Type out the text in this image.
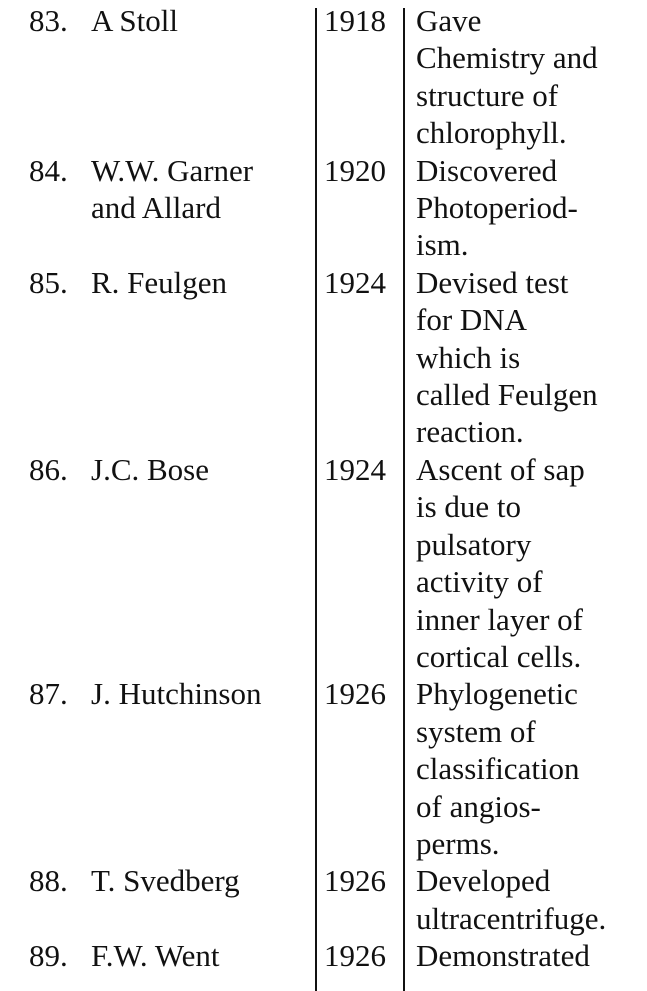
83. A Stoll	1918 Gave
Chemistry and
structure of
chlorophyll.
84. W.W. Garner
and Allard
1920 Discovered
Photoperiod-
ism.
85. R. Feulgen	1924 Devised test
for DNA
which is
called Feulgen
reaction.
86. J.C. Bose	1924 Ascent of sap
is due to
pulsatory
activity of
inner layer of
cortical cells.
87. J. Hutchinson	1926 Phylogenetic
system of
classification
of angios-
perms.
88. T. Svedberg	1926 Developed
ultracentrifuge.
89. F.W. Went	1926 Demonstrated
